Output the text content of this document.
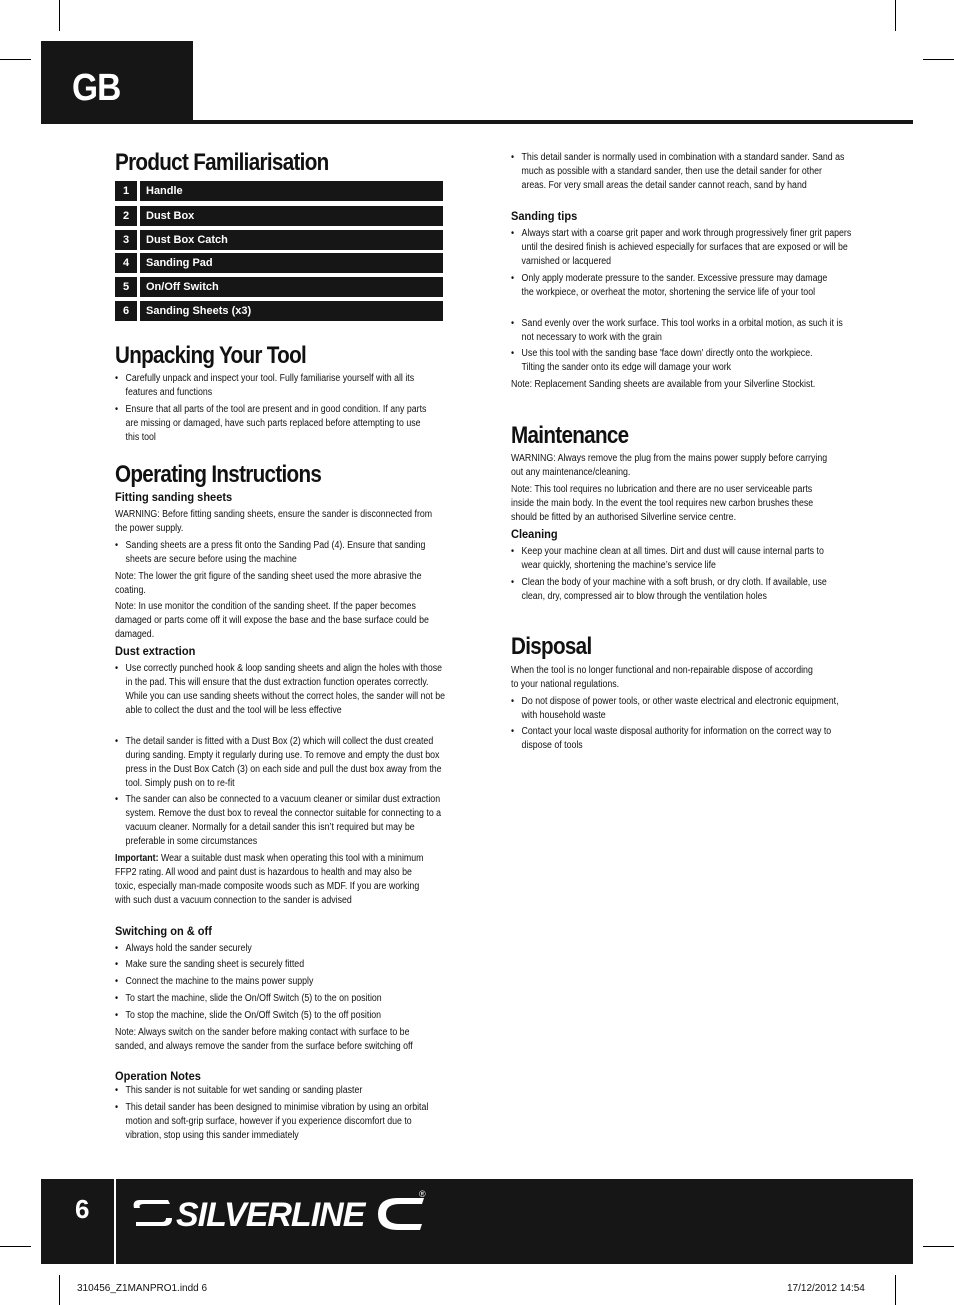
GB
Product Familiarisation
1	Handle
2	Dust Box
3	Dust Box Catch
4	Sanding Pad
5	On/Off Switch
6	Sanding Sheets (x3)
Unpacking Your Tool
• Carefully unpack and inspect your tool. Fully familiarise yourself with all its features and functions
• Ensure that all parts of the tool are present and in good condition. If any parts are missing or damaged, have such parts replaced before attempting to use this tool
Operating Instructions
Fitting sanding sheets
WARNING: Before fitting sanding sheets, ensure the sander is disconnected from the power supply.
• Sanding sheets are a press fit onto the Sanding Pad (4). Ensure that sanding sheets are secure before using the machine
Note: The lower the grit figure of the sanding sheet used the more abrasive the coating.
Note: In use monitor the condition of the sanding sheet. If the paper becomes damaged or parts come off it will expose the base and the base surface could be damaged.
Dust extraction
• Use correctly punched hook & loop sanding sheets and align the holes with those in the pad. This will ensure that the dust extraction function operates correctly. While you can use sanding sheets without the correct holes, the sander will not be able to collect the dust and the tool will be less effective
• The detail sander is fitted with a Dust Box (2) which will collect the dust created during sanding. Empty it regularly during use. To remove and empty the dust box press in the Dust Box Catch (3) on each side and pull the dust box away from the tool. Simply push on to re-fit
• The sander can also be connected to a vacuum cleaner or similar dust extraction system. Remove the dust box to reveal the connector suitable for connecting to a vacuum cleaner. Normally for a detail sander this isn’t required but may be preferable in some circumstances
Important: Wear a suitable dust mask when operating this tool with a minimum FFP2 rating. All wood and paint dust is hazardous to health and may also be toxic, especially man-made composite woods such as MDF. If you are working with such dust a vacuum connection to the sander is advised
Switching on & off
• Always hold the sander securely
• Make sure the sanding sheet is securely fitted
• Connect the machine to the mains power supply
• To start the machine, slide the On/Off Switch (5) to the on position
• To stop the machine, slide the On/Off Switch (5) to the off position
Note: Always switch on the sander before making contact with surface to be sanded, and always remove the sander from the surface before switching off
Operation Notes
• This sander is not suitable for wet sanding or sanding plaster
• This detail sander has been designed to minimise vibration by using an orbital motion and soft-grip surface, however if you experience discomfort due to vibration, stop using this sander immediately
• This detail sander is normally used in combination with a standard sander. Sand as much as possible with a standard sander, then use the detail sander for other areas. For very small areas the detail sander cannot reach, sand by hand
Sanding tips
• Always start with a coarse grit paper and work through progressively finer grit papers until the desired finish is achieved especially for surfaces that are exposed or will be varnished or lacquered
• Only apply moderate pressure to the sander. Excessive pressure may damage the workpiece, or overheat the motor, shortening the service life of your tool
• Sand evenly over the work surface. This tool works in a orbital motion, as such it is not necessary to work with the grain
• Use this tool with the sanding base 'face down' directly onto the workpiece. Tilting the sander onto its edge will damage your work
Note: Replacement Sanding sheets are available from your Silverline Stockist.
Maintenance
WARNING: Always remove the plug from the mains power supply before carrying out any maintenance/cleaning.
Note: This tool requires no lubrication and there are no user serviceable parts inside the main body. In the event the tool requires new carbon brushes these should be fitted by an authorised Silverline service centre.
Cleaning
• Keep your machine clean at all times. Dirt and dust will cause internal parts to wear quickly, shortening the machine’s service life
• Clean the body of your machine with a soft brush, or dry cloth. If available, use clean, dry, compressed air to blow through the ventilation holes
Disposal
When the tool is no longer functional and non-repairable dispose of according to your national regulations.
• Do not dispose of power tools, or other waste electrical and electronic equipment, with household waste
• Contact your local waste disposal authority for information on the correct way to dispose of tools
6	SILVERLINE
®
310456_Z1MANPRO1.indd 6	17/12/2012 14:54
